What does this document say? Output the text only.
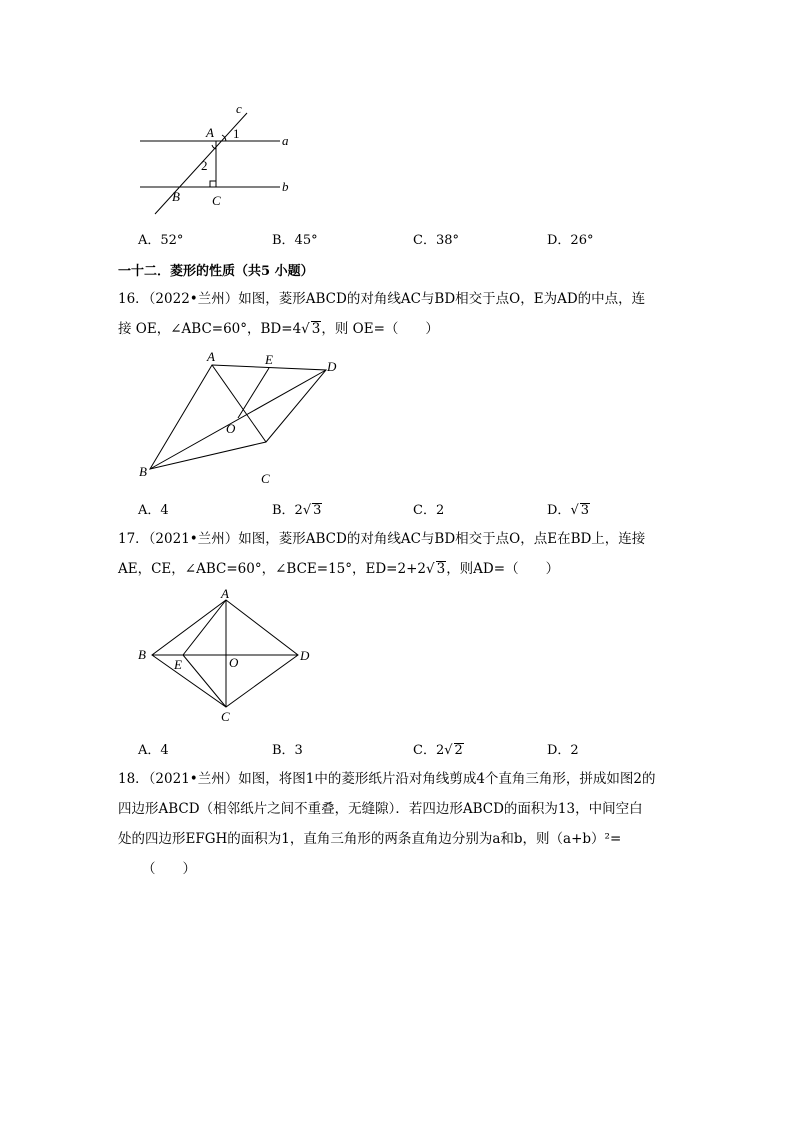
c
A 1	a
2
b
B C
A．52°	B．45°	C．38°	D．26°
一十二．菱形的性质（共5 小题）
16．（2022•兰州）如图，菱形ABCD的对角线AC与BD相交于点O，E为AD的中点，连
接 OE，∠ABC=60°，BD=4√ 3，则 OE=（　　）
A	E	D
O
B	C
A．4	B．2√ 3	C．2	D．√ 3
17．（2021•兰州）如图，菱形ABCD的对角线AC与BD相交于点O，点E在BD上，连接
AE，CE，∠ABC=60°，∠BCE=15°，ED=2+2√ 3，则AD=（　　）
A
B
E	O	D
C
A．4	B．3	C．2√ 2	D．2
18．（2021•兰州）如图，将图1中的菱形纸片沿对角线剪成4个直角三角形，拼成如图2的
四边形ABCD（相邻纸片之间不重叠，无缝隙）．若四边形ABCD的面积为13，中间空白
处的四边形EFGH的面积为1，直角三角形的两条直角边分别为a和b，则（a+b）²=
（　　）
